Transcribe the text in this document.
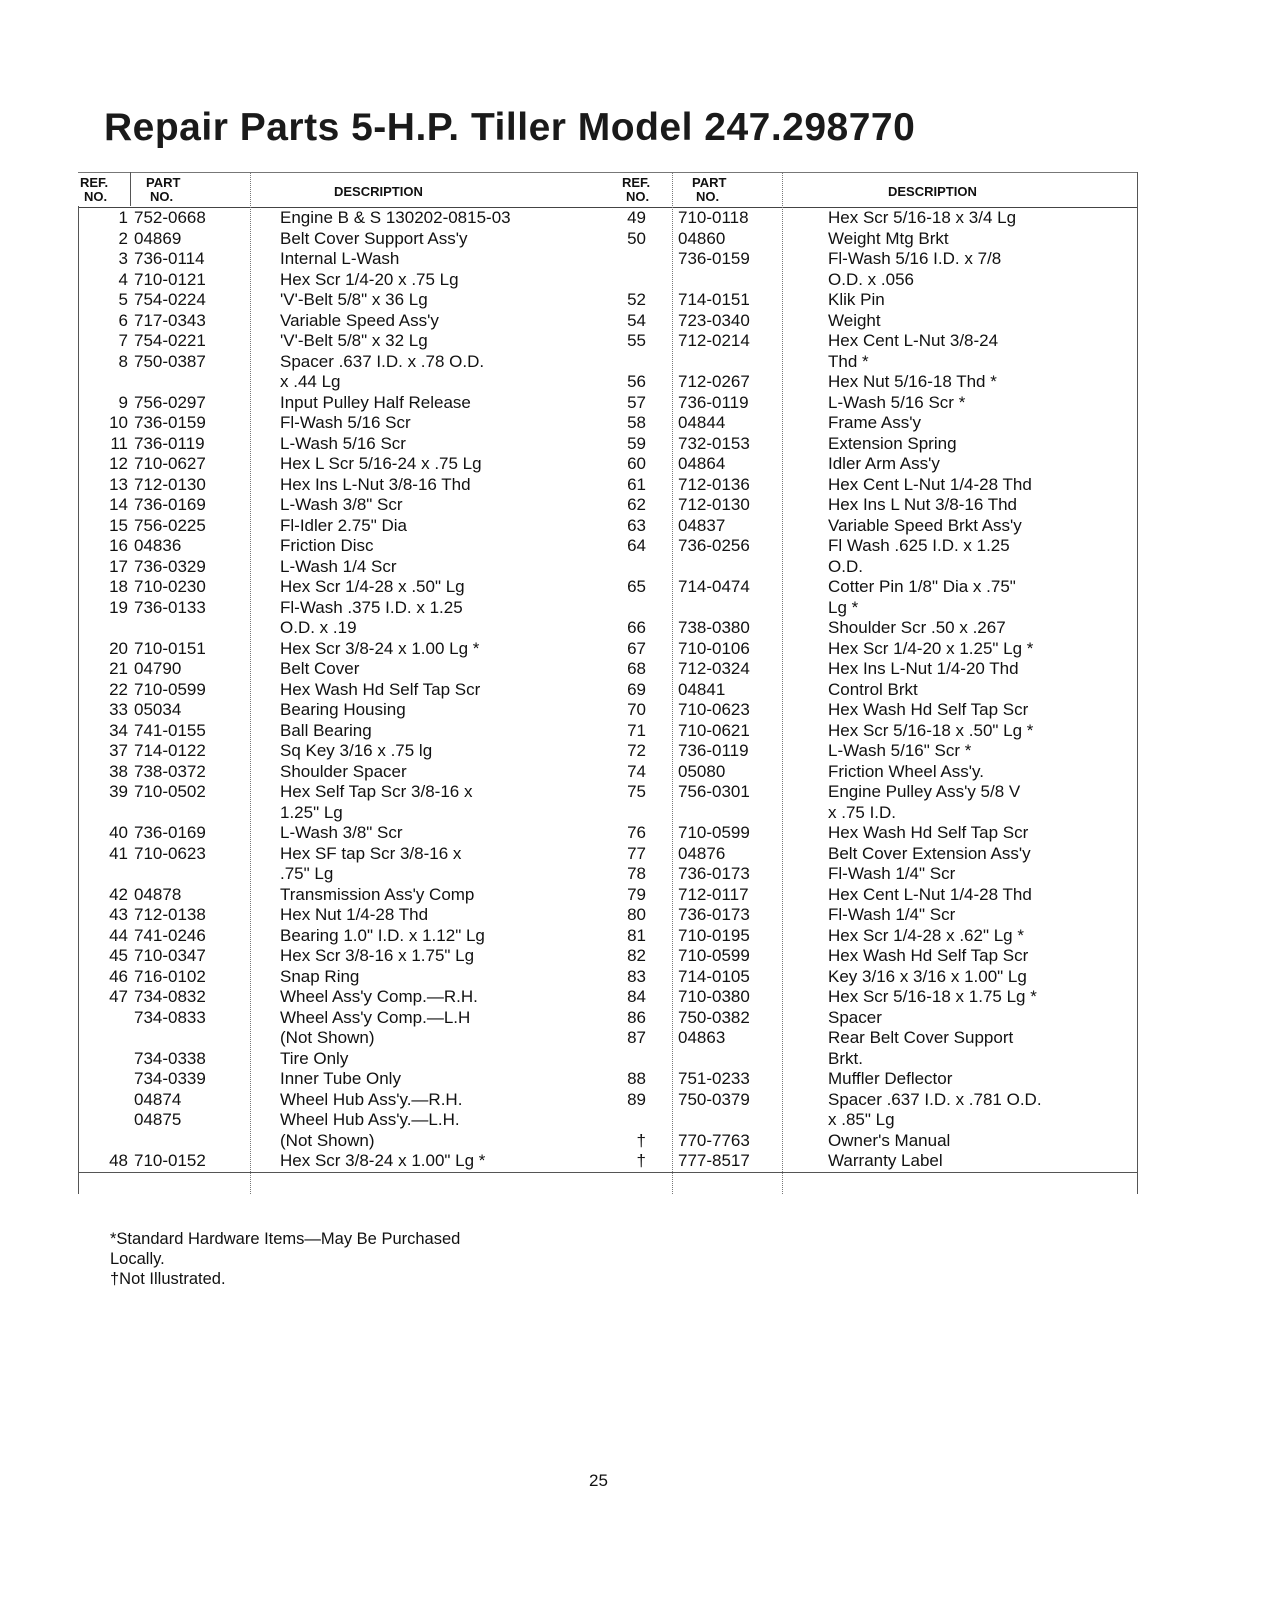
Repair Parts 5-H.P. Tiller Model 247.298770
REF.
NO.
PART
NO.	DESCRIPTION
1 752-0668	Engine B & S 130202-0815-03
2 04869	Belt Cover Support Ass'y
3 736-0114	Internal L-Wash
4 710-0121	Hex Scr 1/4-20 x .75 Lg
5 754-0224	'V'-Belt 5/8" x 36 Lg
6 717-0343	Variable Speed Ass'y
7 754-0221	'V'-Belt 5/8" x 32 Lg
8 750-0387	Spacer .637 I.D. x .78 O.D.
x .44 Lg
9 756-0297	Input Pulley Half Release
10 736-0159	Fl-Wash 5/16 Scr
11 736-0119	L-Wash 5/16 Scr
12 710-0627	Hex L Scr 5/16-24 x .75 Lg
13 712-0130	Hex Ins L-Nut 3/8-16 Thd
14 736-0169	L-Wash 3/8" Scr
15 756-0225	Fl-Idler 2.75" Dia
16 04836	Friction Disc
17 736-0329	L-Wash 1/4 Scr
18 710-0230	Hex Scr 1/4-28 x .50" Lg
19 736-0133	Fl-Wash .375 I.D. x 1.25
O.D. x .19
20 710-0151	Hex Scr 3/8-24 x 1.00 Lg *
21 04790	Belt Cover
22 710-0599	Hex Wash Hd Self Tap Scr
33 05034	Bearing Housing
34 741-0155	Ball Bearing
37 714-0122	Sq Key 3/16 x .75 lg
38 738-0372	Shoulder Spacer
39 710-0502	Hex Self Tap Scr 3/8-16 x
1.25" Lg
40 736-0169	L-Wash 3/8" Scr
41 710-0623	Hex SF tap Scr 3/8-16 x
.75" Lg
42 04878	Transmission Ass'y Comp
43 712-0138	Hex Nut 1/4-28 Thd
44 741-0246	Bearing 1.0" I.D. x 1.12" Lg
45 710-0347	Hex Scr 3/8-16 x 1.75" Lg
46 716-0102	Snap Ring
47 734-0832	Wheel Ass'y Comp.—R.H.
734-0833	Wheel Ass'y Comp.—L.H
(Not Shown)
734-0338	Tire Only
734-0339	Inner Tube Only
04874	Wheel Hub Ass'y.—R.H.
04875	Wheel Hub Ass'y.—L.H.
(Not Shown)
48 710-0152	Hex Scr 3/8-24 x 1.00" Lg *
REF.
NO.
PART
NO.	DESCRIPTION
49 710-0118	Hex Scr 5/16-18 x 3/4 Lg
50 04860	Weight Mtg Brkt
736-0159	Fl-Wash 5/16 I.D. x 7/8
O.D. x .056
52 714-0151	Klik Pin
54 723-0340	Weight
55 712-0214	Hex Cent L-Nut 3/8-24
Thd *
56 712-0267	Hex Nut 5/16-18 Thd *
57 736-0119	L-Wash 5/16 Scr *
58 04844	Frame Ass'y
59 732-0153	Extension Spring
60 04864	Idler Arm Ass'y
61 712-0136	Hex Cent L-Nut 1/4-28 Thd
62 712-0130	Hex Ins L Nut 3/8-16 Thd
63 04837	Variable Speed Brkt Ass'y
64 736-0256	Fl Wash .625 I.D. x 1.25
O.D.
65 714-0474	Cotter Pin 1/8" Dia x .75"
Lg *
66 738-0380	Shoulder Scr .50 x .267
67 710-0106	Hex Scr 1/4-20 x 1.25" Lg *
68 712-0324	Hex Ins L-Nut 1/4-20 Thd
69 04841	Control Brkt
70 710-0623	Hex Wash Hd Self Tap Scr
71 710-0621	Hex Scr 5/16-18 x .50" Lg *
72 736-0119	L-Wash 5/16" Scr *
74 05080	Friction Wheel Ass'y.
75 756-0301	Engine Pulley Ass'y 5/8 V
x .75 I.D.
76 710-0599	Hex Wash Hd Self Tap Scr
77 04876	Belt Cover Extension Ass'y
78 736-0173	Fl-Wash 1/4" Scr
79 712-0117	Hex Cent L-Nut 1/4-28 Thd
80 736-0173	Fl-Wash 1/4" Scr
81 710-0195	Hex Scr 1/4-28 x .62" Lg *
82 710-0599	Hex Wash Hd Self Tap Scr
83 714-0105	Key 3/16 x 3/16 x 1.00" Lg
84 710-0380	Hex Scr 5/16-18 x 1.75 Lg *
86 750-0382	Spacer
87 04863	Rear Belt Cover Support
Brkt.
88 751-0233	Muffler Deflector
89 750-0379	Spacer .637 I.D. x .781 O.D.
x .85" Lg
† 770-7763	Owner's Manual
† 777-8517	Warranty Label
*Standard Hardware Items—May Be Purchased
Locally.
†Not Illustrated.
25
